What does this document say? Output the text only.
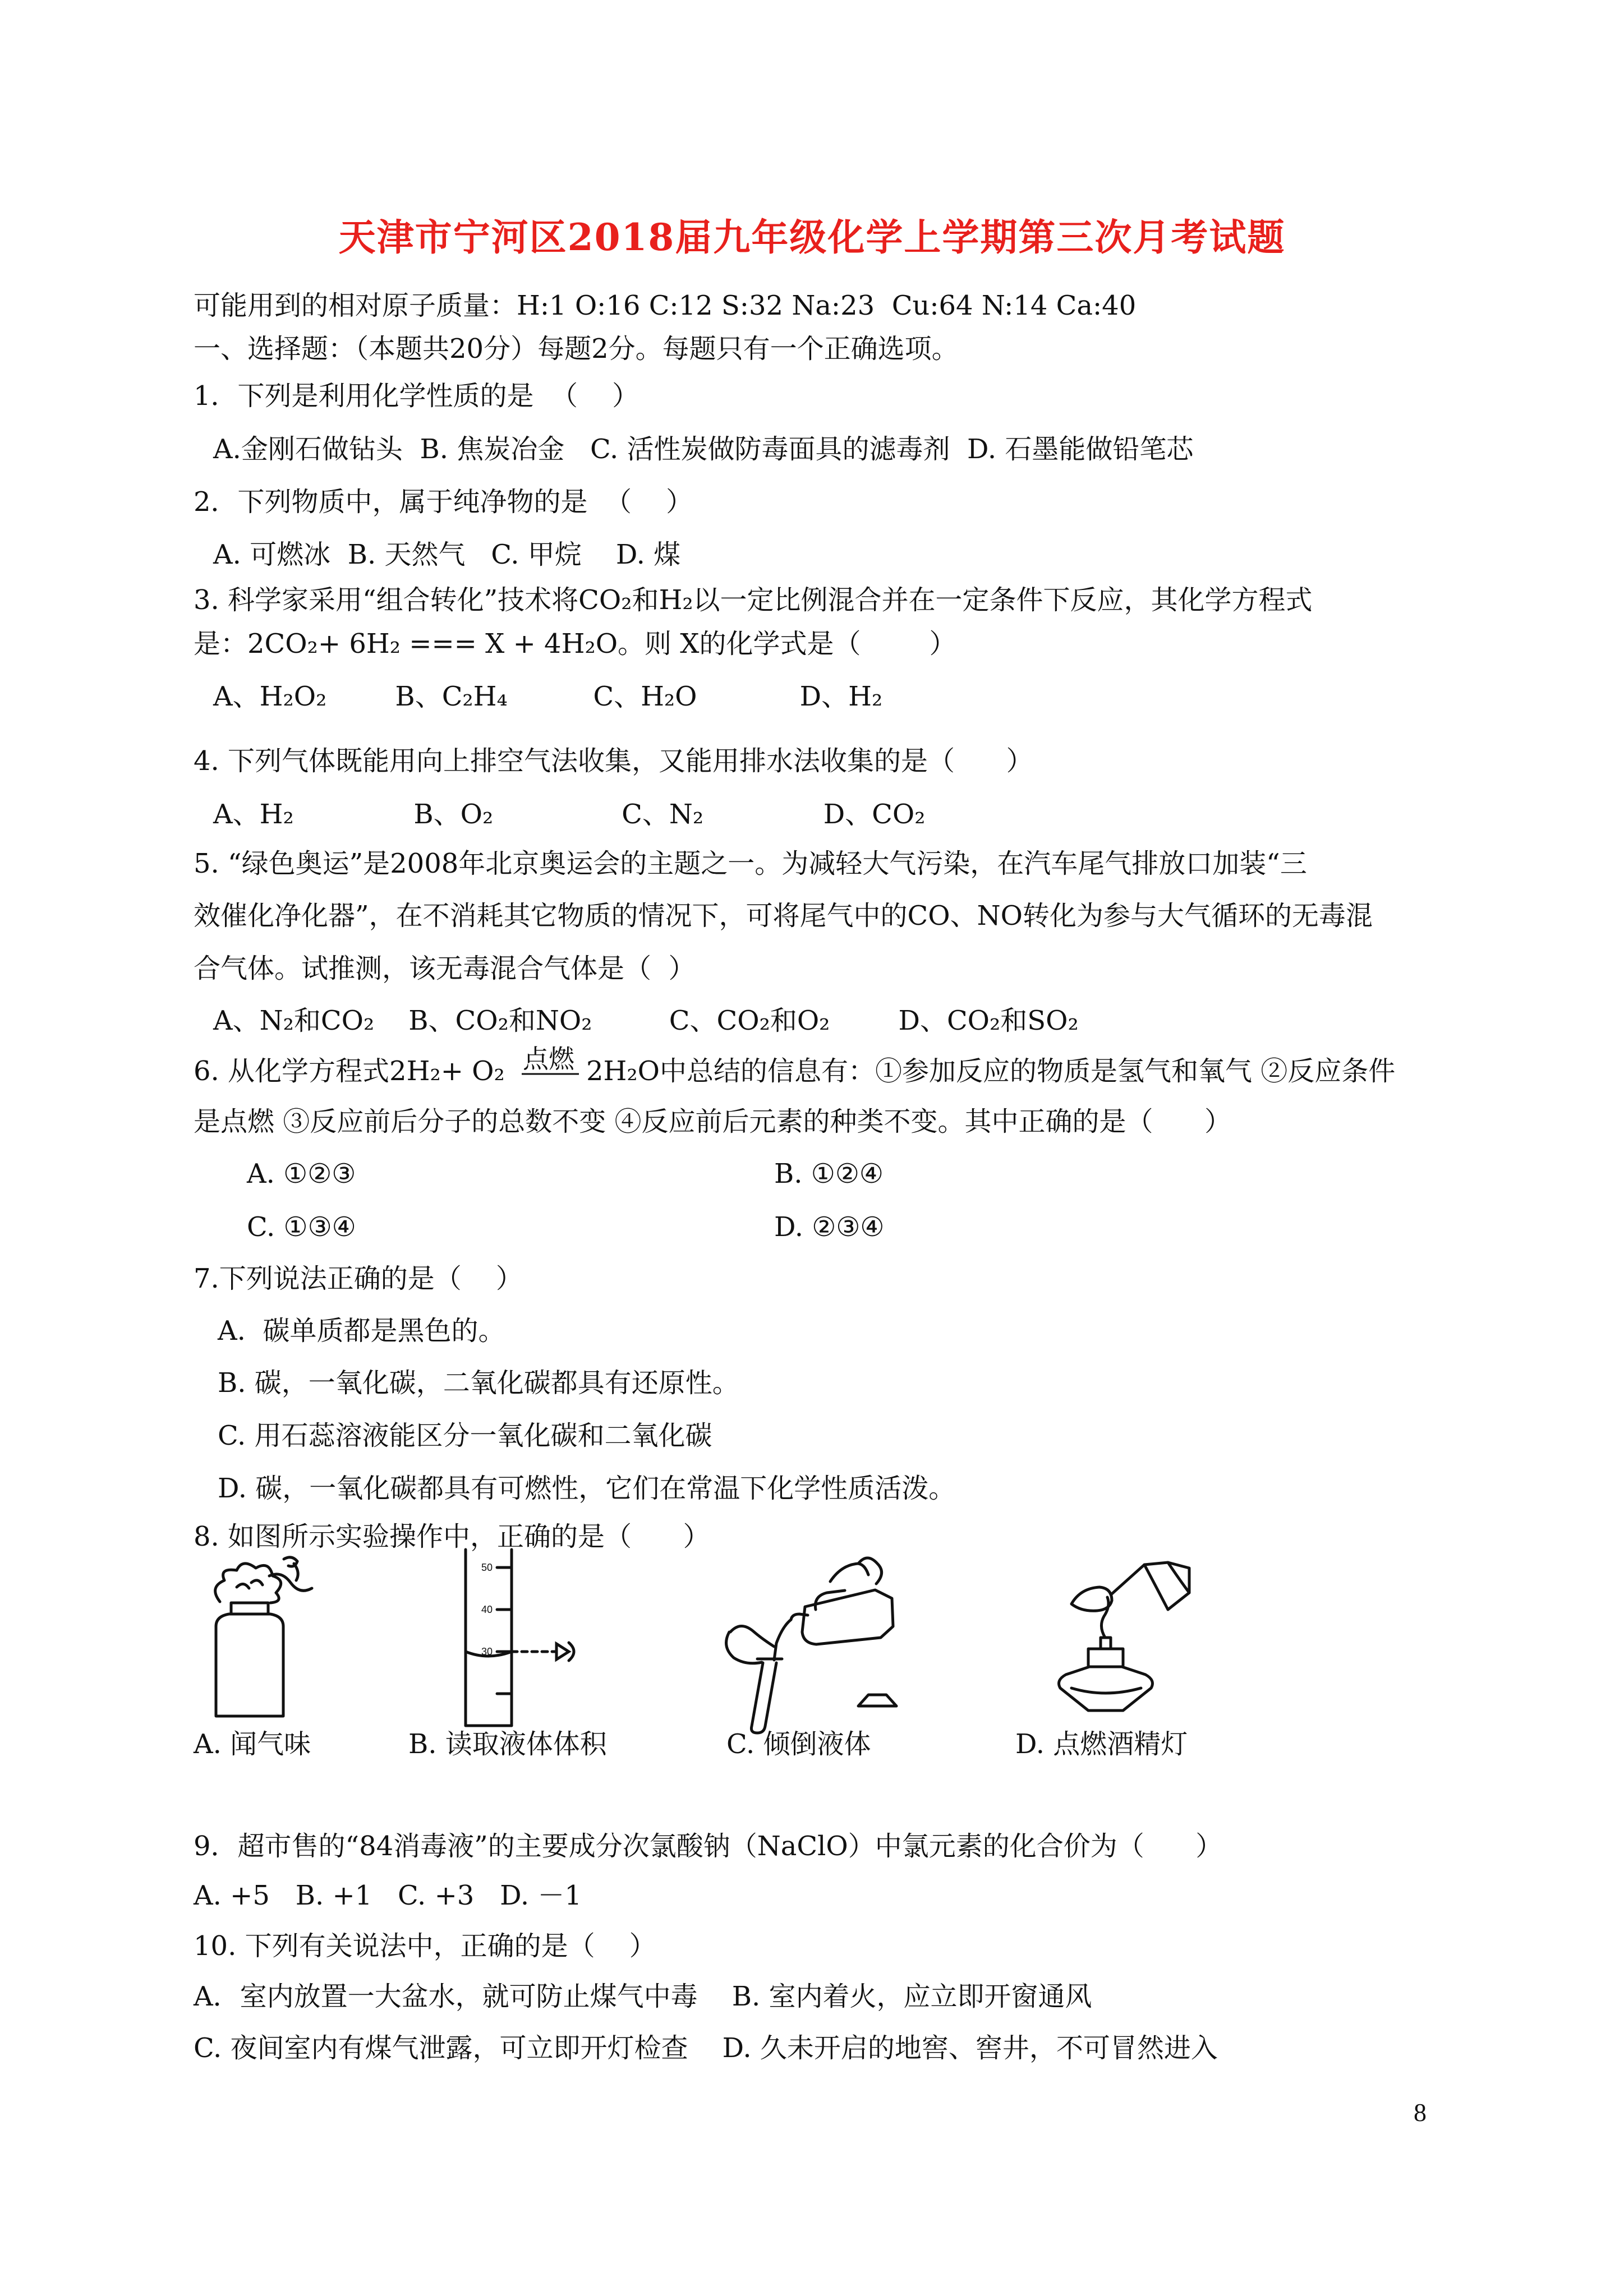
天津市宁河区2018届九年级化学上学期第三次月考试题
可能用到的相对原子质量：H:1 O:16 C:12 S:32 Na:23  Cu:64 N:14 Ca:40
一、选择题：（本题共20分）每题2分。每题只有一个正确选项。
1．下列是利用化学性质的是  （    ）
A.金刚石做钻头  B. 焦炭冶金   C. 活性炭做防毒面具的滤毒剂  D. 石墨能做铅笔芯
2．下列物质中，属于纯净物的是  （    ）
A. 可燃冰  B. 天然气   C. 甲烷    D. 煤
3. 科学家采用“组合转化”技术将CO₂和H₂以一定比例混合并在一定条件下反应，其化学方程式
是：2CO₂+ 6H₂ === X + 4H₂O。则 X的化学式是（        ）
A、H₂O₂        B、C₂H₄          C、H₂O            D、H₂
4. 下列气体既能用向上排空气法收集，又能用排水法收集的是（      ）
A、H₂              B、O₂               C、N₂              D、CO₂
5. “绿色奥运”是2008年北京奥运会的主题之一。为减轻大气污染，在汽车尾气排放口加装“三
效催化净化器”，在不消耗其它物质的情况下，可将尾气中的CO、NO转化为参与大气循环的无毒混
合气体。试推测，该无毒混合气体是（  ）
A、N₂和CO₂    B、CO₂和NO₂         C、CO₂和O₂        D、CO₂和SO₂
6. 从化学方程式2H₂+ O₂ 点燃 2H₂O中总结的信息有：①参加反应的物质是氢气和氧气 ②反应条件
是点燃 ③反应前后分子的总数不变 ④反应前后元素的种类不变。其中正确的是（      ）
A. ①②③	B. ①②④
C. ①③④	D. ②③④
7.下列说法正确的是（    ）
A.  碳单质都是黑色的。
B. 碳，一氧化碳，二氧化碳都具有还原性。
C. 用石蕊溶液能区分一氧化碳和二氧化碳
D. 碳，一氧化碳都具有可燃性，它们在常温下化学性质活泼。
8. 如图所示实验操作中，正确的是（      ）
50
40
30
A. 闻气味	B. 读取液体体积	C. 倾倒液体	D. 点燃酒精灯
9．超市售的“84消毒液”的主要成分次氯酸钠（NaClO）中氯元素的化合价为（      ）
A. +5   B. +1   C. +3   D. －1
10. 下列有关说法中，正确的是（    ）
A．室内放置一大盆水，就可防止煤气中毒    B. 室内着火，应立即开窗通风
C. 夜间室内有煤气泄露，可立即开灯检查    D. 久未开启的地窖、窖井，不可冒然进入
8
